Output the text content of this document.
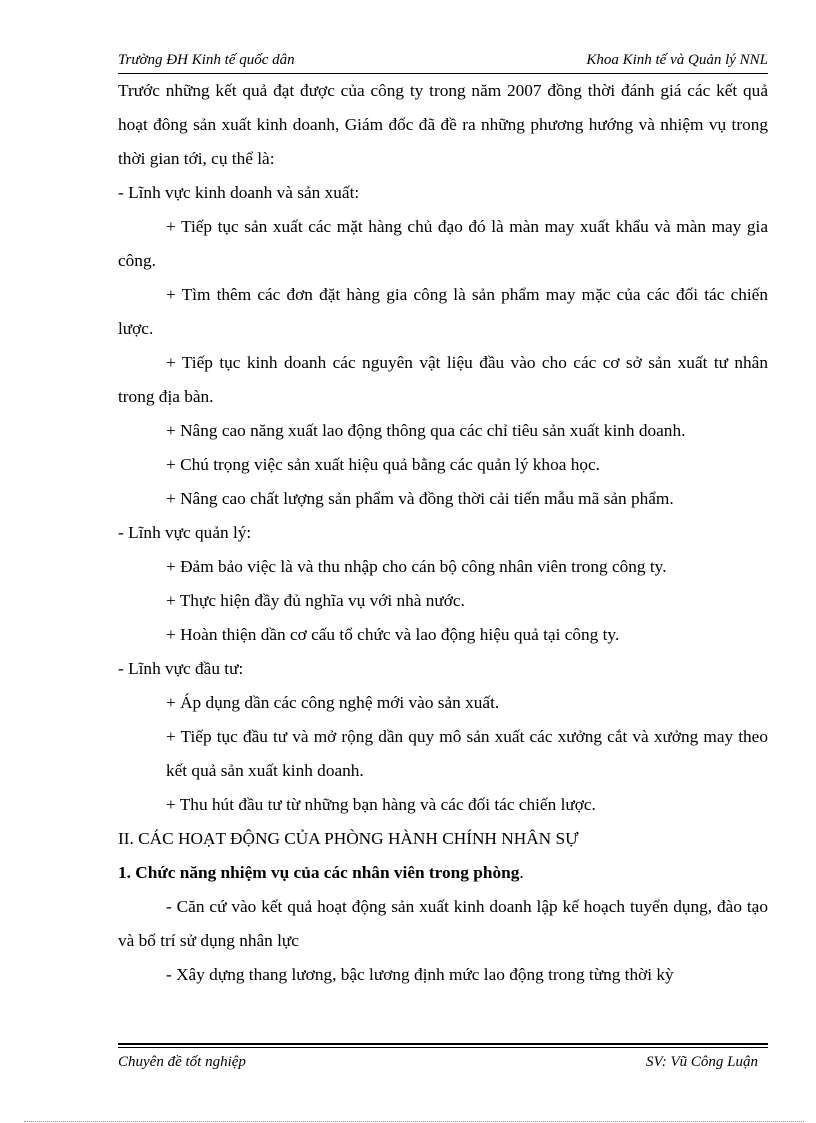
Trường ĐH Kinh tế quốc dân	Khoa Kinh tế và Quản lý NNL

Trước những kết quả đạt được của công ty trong năm 2007 đồng thời đánh giá các kết quả hoạt đông sản xuất kinh doanh, Giám đốc đã đề ra những phương hướng và nhiệm vụ trong thời gian tới, cụ thể là:

- Lĩnh vực kinh doanh và sản xuất:

+ Tiếp tục sản xuất các mặt hàng chủ đạo đó là màn may xuất khẩu và màn may gia công.

+ Tìm thêm các đơn đặt hàng gia công là sản phẩm may mặc của các đối tác chiến lược.

+ Tiếp tục kinh doanh các nguyên vật liệu đầu vào cho các cơ sở sản xuất tư nhân trong địa bàn.

+ Nâng cao năng xuất lao động thông qua các chỉ tiêu sản xuất kinh doanh.

+ Chú trọng việc sản xuất hiệu quả bằng các quản lý khoa học.

+ Nâng cao chất lượng sản phẩm và đồng thời cải tiến mẫu mã sản phẩm.

- Lĩnh vực quản lý:

+ Đảm bảo việc là và thu nhập cho cán bộ công nhân viên trong công ty.

+ Thực hiện đầy đủ nghĩa vụ với nhà nước.

+ Hoàn thiện dần cơ cấu tổ chức và lao động hiệu quả tại công ty.

- Lĩnh vực đầu tư:

+ Áp dụng dần các công nghệ mới vào sản xuất.

+ Tiếp tục đầu tư và mở rộng dần quy mô sản xuất các xưởng cắt và xưởng may theo kết quả sản xuất kinh doanh.

+ Thu hút đầu tư từ những bạn hàng và các đối tác chiến lược.

II. CÁC HOẠT ĐỘNG CỦA PHÒNG HÀNH CHÍNH NHÂN SỰ

1. Chức năng nhiệm vụ của các nhân viên trong phòng.

- Căn cứ vào kết quả hoạt động sản xuất kinh doanh lập kế hoạch tuyển dụng, đào tạo và bố trí sử dụng nhân lực

- Xây dựng thang lương, bậc lương định mức lao động trong từng thời kỳ

Chuyên đề tốt nghiệp	SV: Vũ Công Luận
